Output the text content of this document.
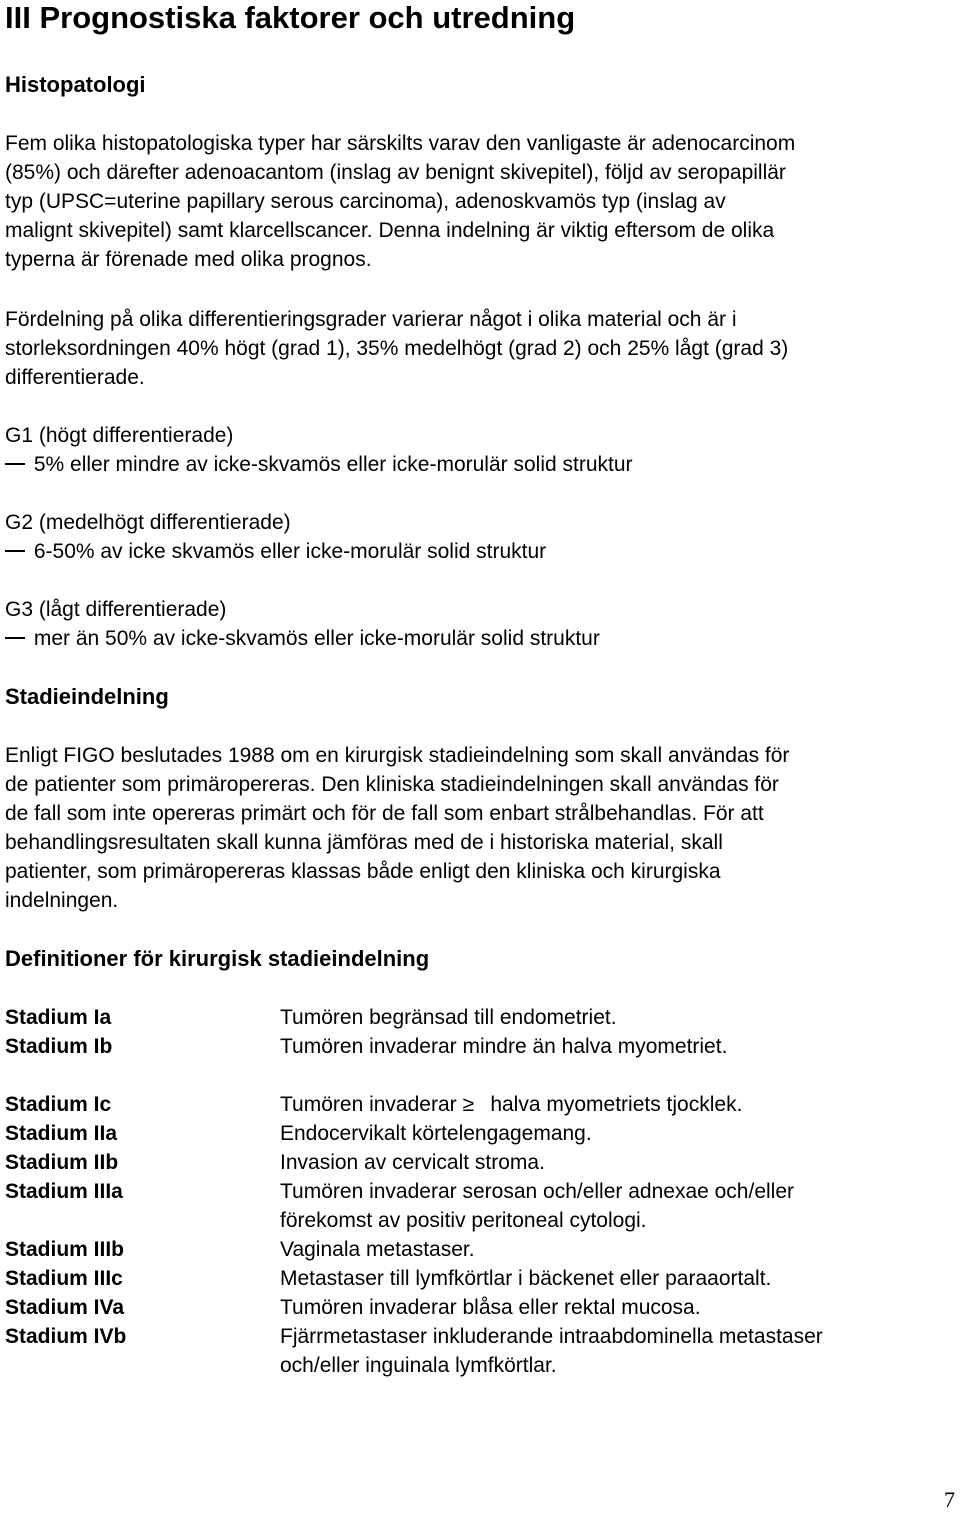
III Prognostiska faktorer och utredning
Histopatologi
Fem olika histopatologiska typer har särskilts varav den vanligaste är adenocarcinom
(85%) och därefter adenoacantom (inslag av benignt skivepitel), följd av seropapillär
typ (UPSC=uterine papillary serous carcinoma), adenoskvamös typ (inslag av
malignt skivepitel) samt klarcellscancer. Denna indelning är viktig eftersom de olika
typerna är förenade med olika prognos.
Fördelning på olika differentieringsgrader varierar något i olika material och är i
storleksordningen 40% högt (grad 1), 35% medelhögt (grad 2) och 25% lågt (grad 3)
differentierade.
G1 (högt differentierade)
5% eller mindre av icke-skvamös eller icke-morulär solid struktur
G2 (medelhögt differentierade)
6-50% av icke skvamös eller icke-morulär solid struktur
G3 (lågt differentierade)
mer än 50% av icke-skvamös eller icke-morulär solid struktur
Stadieindelning
Enligt FIGO beslutades 1988 om en kirurgisk stadieindelning som skall användas för
de patienter som primäropereras. Den kliniska stadieindelningen skall användas för
de fall som inte opereras primärt och för de fall som enbart strålbehandlas. För att
behandlingsresultaten skall kunna jämföras med de i historiska material, skall
patienter, som primäropereras klassas både enligt den kliniska och kirurgiska
indelningen.
Definitioner för kirurgisk stadieindelning
Stadium Ia	Tumören begränsad till endometriet.
Stadium Ib	Tumören invaderar mindre än halva myometriet.
Stadium Ic	Tumören invaderar ≥ halva myometriets tjocklek.
Stadium IIa	Endocervikalt körtelengagemang.
Stadium IIb	Invasion av cervicalt stroma.
Stadium IIIa	Tumören invaderar serosan och/eller adnexae och/eller
förekomst av positiv peritoneal cytologi.
Stadium IIIb	Vaginala metastaser.
Stadium IIIc	Metastaser till lymfkörtlar i bäckenet eller paraaortalt.
Stadium IVa	Tumören invaderar blåsa eller rektal mucosa.
Stadium IVb	Fjärrmetastaser inkluderande intraabdominella metastaser
och/eller inguinala lymfkörtlar.
7
